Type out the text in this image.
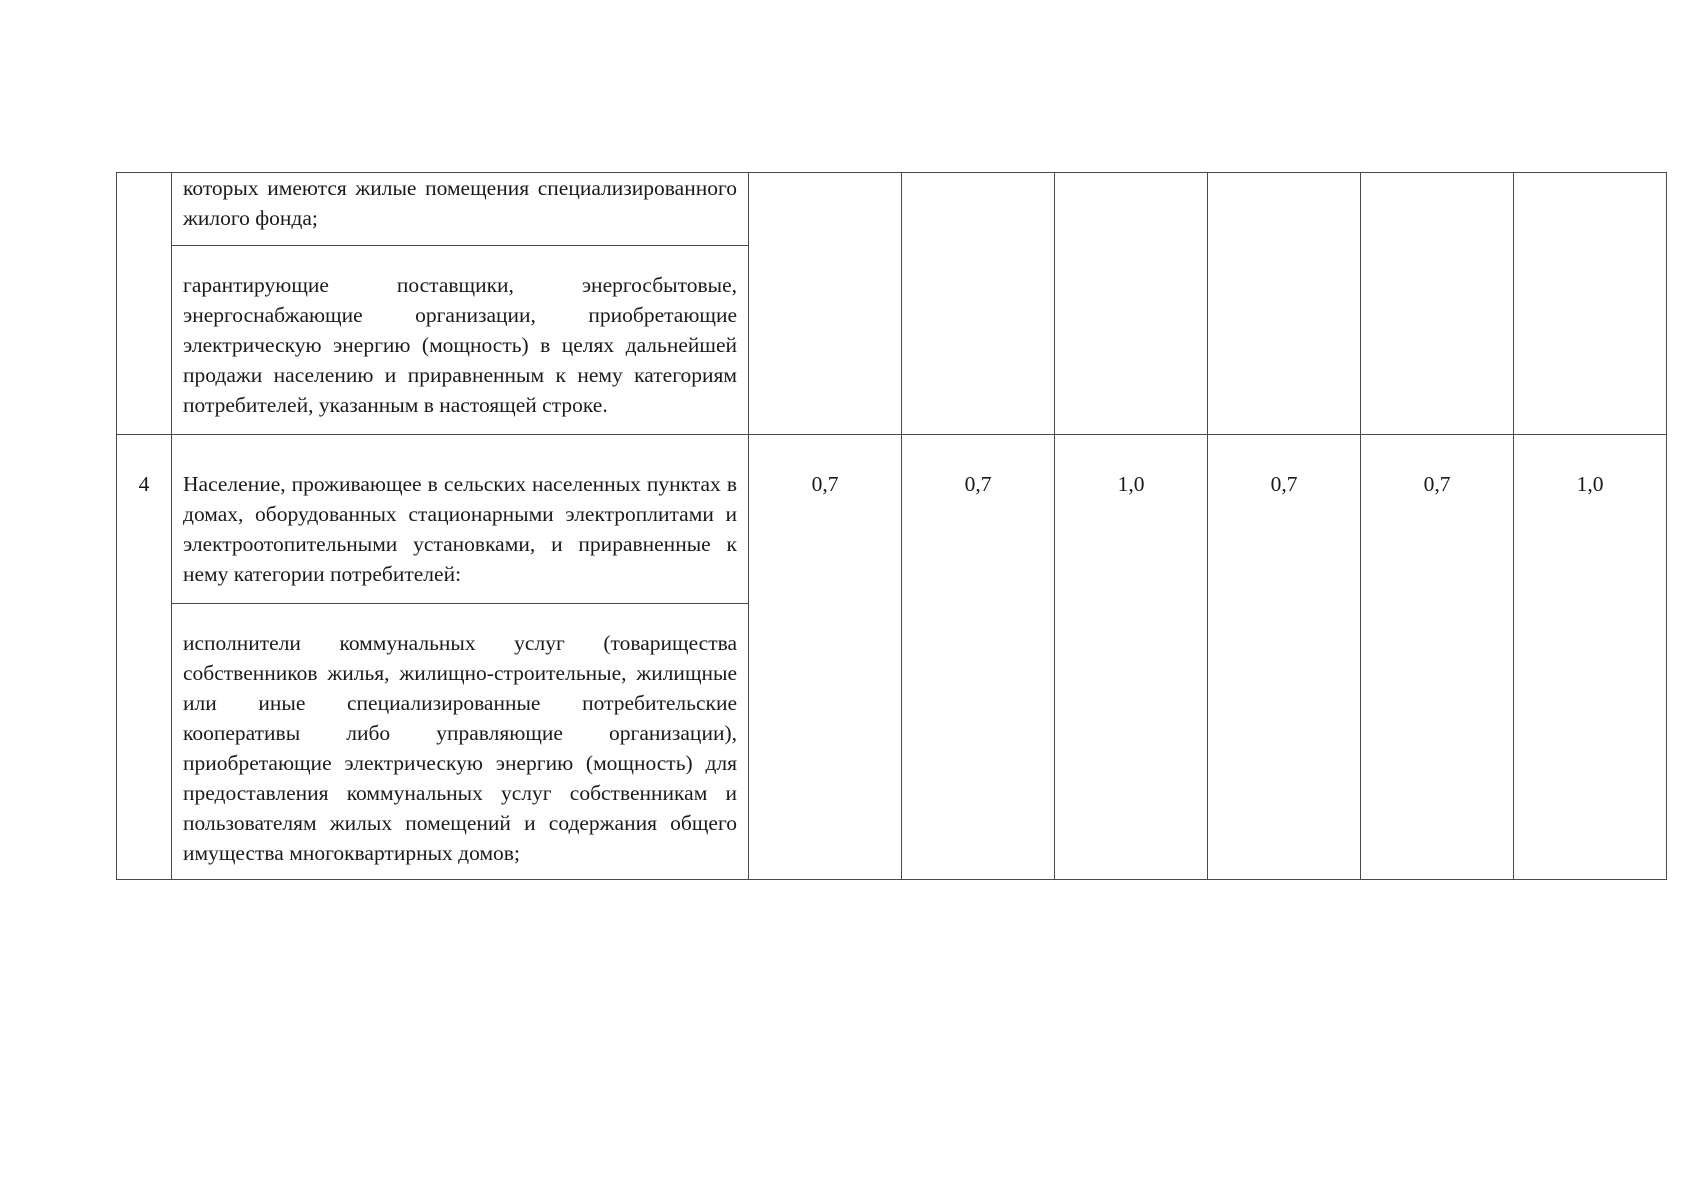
	которых имеются жилые помещения специализированного жилого фонда;						

	гарантирующие поставщики, энергосбытовые, энергоснабжающие организации, приобретающие электрическую энергию (мощность) в целях дальнейшей продажи населению и приравненным к нему категориям потребителей, указанным в настоящей строке.						

4	Население, проживающее в сельских населенных пунктах в домах, оборудованных стационарными электроплитами и электроотопительными установками, и приравненные к нему категории потребителей:	0,7	0,7	1,0	0,7	0,7	1,0

	исполнители коммунальных услуг (товарищества собственников жилья, жилищно-строительные, жилищные или иные специализированные потребительские кооперативы либо управляющие организации), приобретающие электрическую энергию (мощность) для предоставления коммунальных услуг собственникам и пользователям жилых помещений и содержания общего имущества многоквартирных домов;						
